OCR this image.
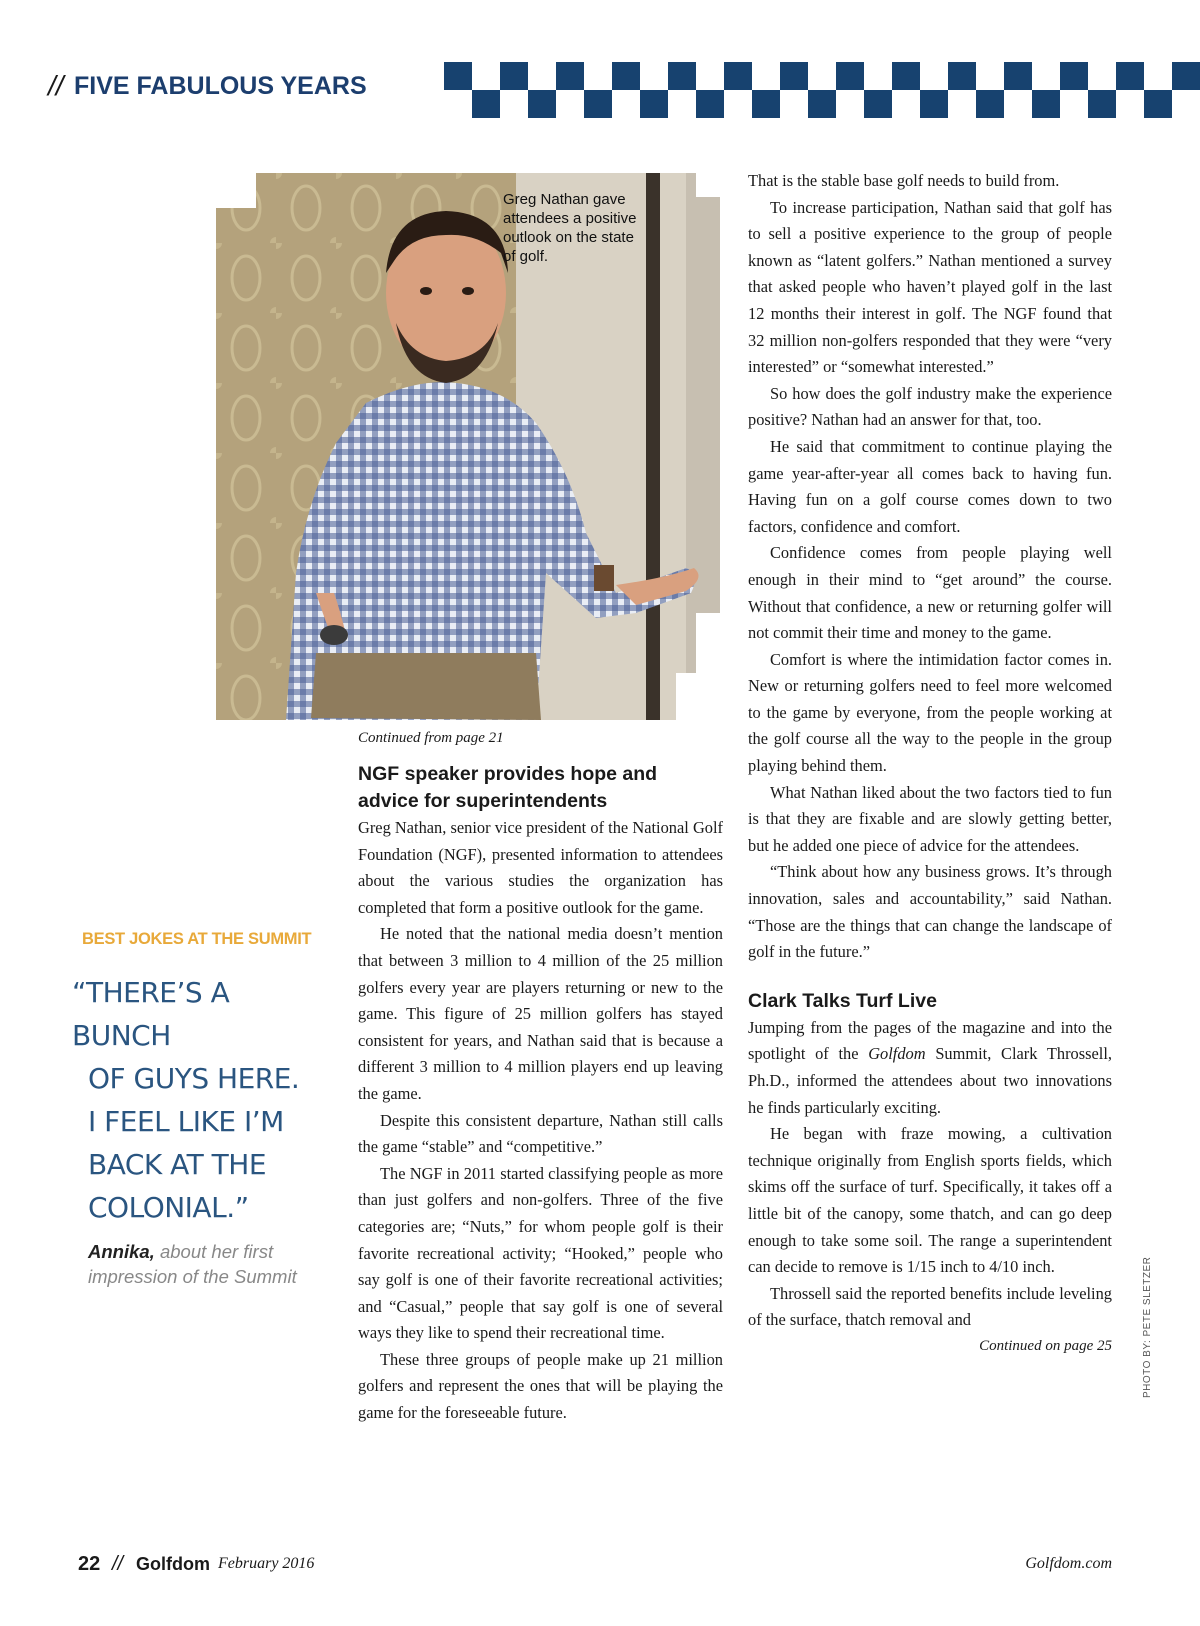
// FIVE FABULOUS YEARS
Greg Nathan gave attendees a positive outlook on the state of golf.
Continued from page 21
NGF speaker provides hope and advice for superintendents

Greg Nathan, senior vice president of the National Golf Foundation (NGF), presented information to attendees about the various studies the organization has completed that form a positive outlook for the game.

He noted that the national media doesn’t mention that between 3 million to 4 million of the 25 million golfers every year are players returning or new to the game. This figure of 25 million golfers has stayed consistent for years, and Nathan said that is because a different 3 million to 4 million players end up leaving the game.

Despite this consistent departure, Nathan still calls the game “stable” and “competitive.”

The NGF in 2011 started classifying people as more than just golfers and non-golfers. Three of the five categories are; “Nuts,” for whom people golf is their favorite recreational activity; “Hooked,” people who say golf is one of their favorite recreational activities; and “Casual,” people that say golf is one of several ways they like to spend their recreational time.

These three groups of people make up 21 million golfers and represent the ones that will be playing the game for the foreseeable future.

That is the stable base golf needs to build from.

To increase participation, Nathan said that golf has to sell a positive experience to the group of people known as “latent golfers.” Nathan mentioned a survey that asked people who haven’t played golf in the last 12 months their interest in golf. The NGF found that 32 million non-golfers responded that they were “very interested” or “somewhat interested.”

So how does the golf industry make the experience positive? Nathan had an answer for that, too.

He said that commitment to continue playing the game year-after-year all comes back to having fun. Having fun on a golf course comes down to two factors, confidence and comfort.

Confidence comes from people playing well enough in their mind to “get around” the course. Without that confidence, a new or returning golfer will not commit their time and money to the game.

Comfort is where the intimidation factor comes in. New or returning golfers need to feel more welcomed to the game by everyone, from the people working at the golf course all the way to the people in the group playing behind them.

What Nathan liked about the two factors tied to fun is that they are fixable and are slowly getting better, but he added one piece of advice for the attendees.

“Think about how any business grows. It’s through innovation, sales and accountability,” said Nathan. “Those are the things that can change the landscape of golf in the future.”

Clark Talks Turf Live

Jumping from the pages of the magazine and into the spotlight of the Golfdom Summit, Clark Throssell, Ph.D., informed the attendees about two innovations he finds particularly exciting.

He began with fraze mowing, a cultivation technique originally from English sports fields, which skims off the surface of turf. Specifically, it takes off a little bit of the canopy, some thatch, and can go deep enough to take some soil. The range a superintendent can decide to remove is 1/15 inch to 4/10 inch.

Throssell said the reported benefits include leveling of the surface, thatch removal and

Continued on page 25
BEST JOKES AT THE SUMMIT

“THERE’S A BUNCH
OF GUYS HERE.
I FEEL LIKE I’M
BACK AT THE
COLONIAL.”

Annika, about her first impression of the Summit	PHOTO BY: PETE SLETZER
22 // Golfdom February 2016	Golfdom.com
